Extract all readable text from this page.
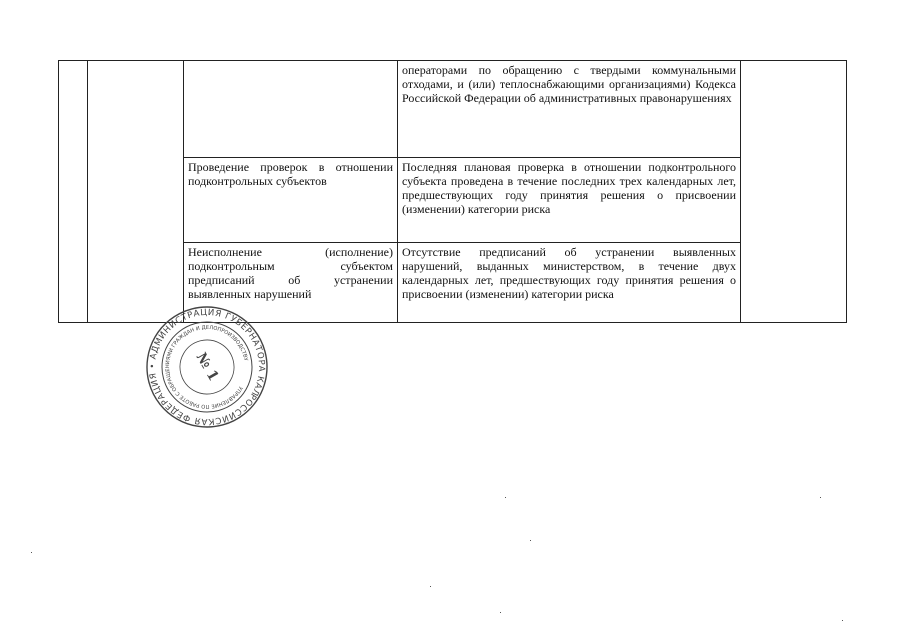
			операторами по обращению с твердыми коммунальными отходами, и (или) теплоснабжающими организациями) Кодекса Российской Федерации об административных правонарушениях
		Проведение проверок в отношении подконтрольных субъектов	Последняя плановая проверка в отношении подконтрольного субъекта проведена в течение последних трех календарных лет, предшествующих году принятия решения о присвоении (изменении) категории риска
		Неисполнение (исполнение) подконтрольным субъектом предписаний об устранении выявленных нарушений	Отсутствие предписаний об устранении выявленных нарушений, выданных министерством, в течение двух календарных лет, предшествующих году принятия решения о присвоении (изменении) категории риска
РОССИЙСКАЯ ФЕДЕРАЦИЯ • АДМИНИСТРАЦИЯ ГУБЕРНАТОРА КАЛУЖСКОЙ
УПРАВЛЕНИЕ ПО РАБОТЕ С ОБРАЩЕНИЯМИ ГРАЖДАН И ДЕЛОПРОИЗВОДСТВУ
№ 1
